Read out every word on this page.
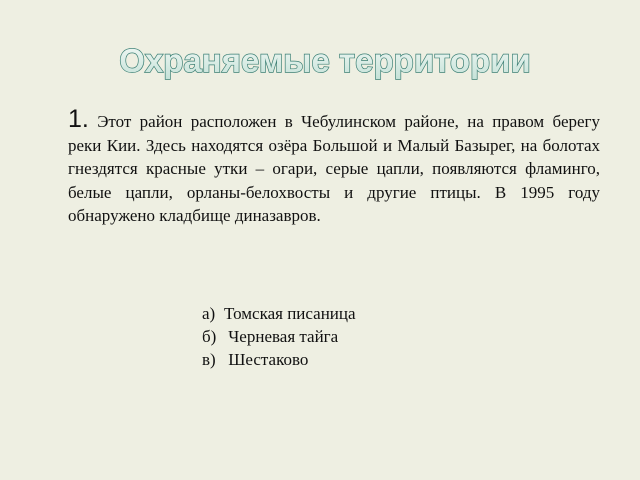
Охраняемые территории

1. Этот район расположен в Чебулинском районе, на правом берегу реки Кии. Здесь находятся озёра Большой и Малый Базырег, на болотах гнездятся красные утки – огари, серые цапли, появляются фламинго, белые цапли, орланы-белохвосты и другие птицы. В 1995 году обнаружено кладбище диназавров.

а) Томская писаница
б) Черневая тайга
в) Шестаково
